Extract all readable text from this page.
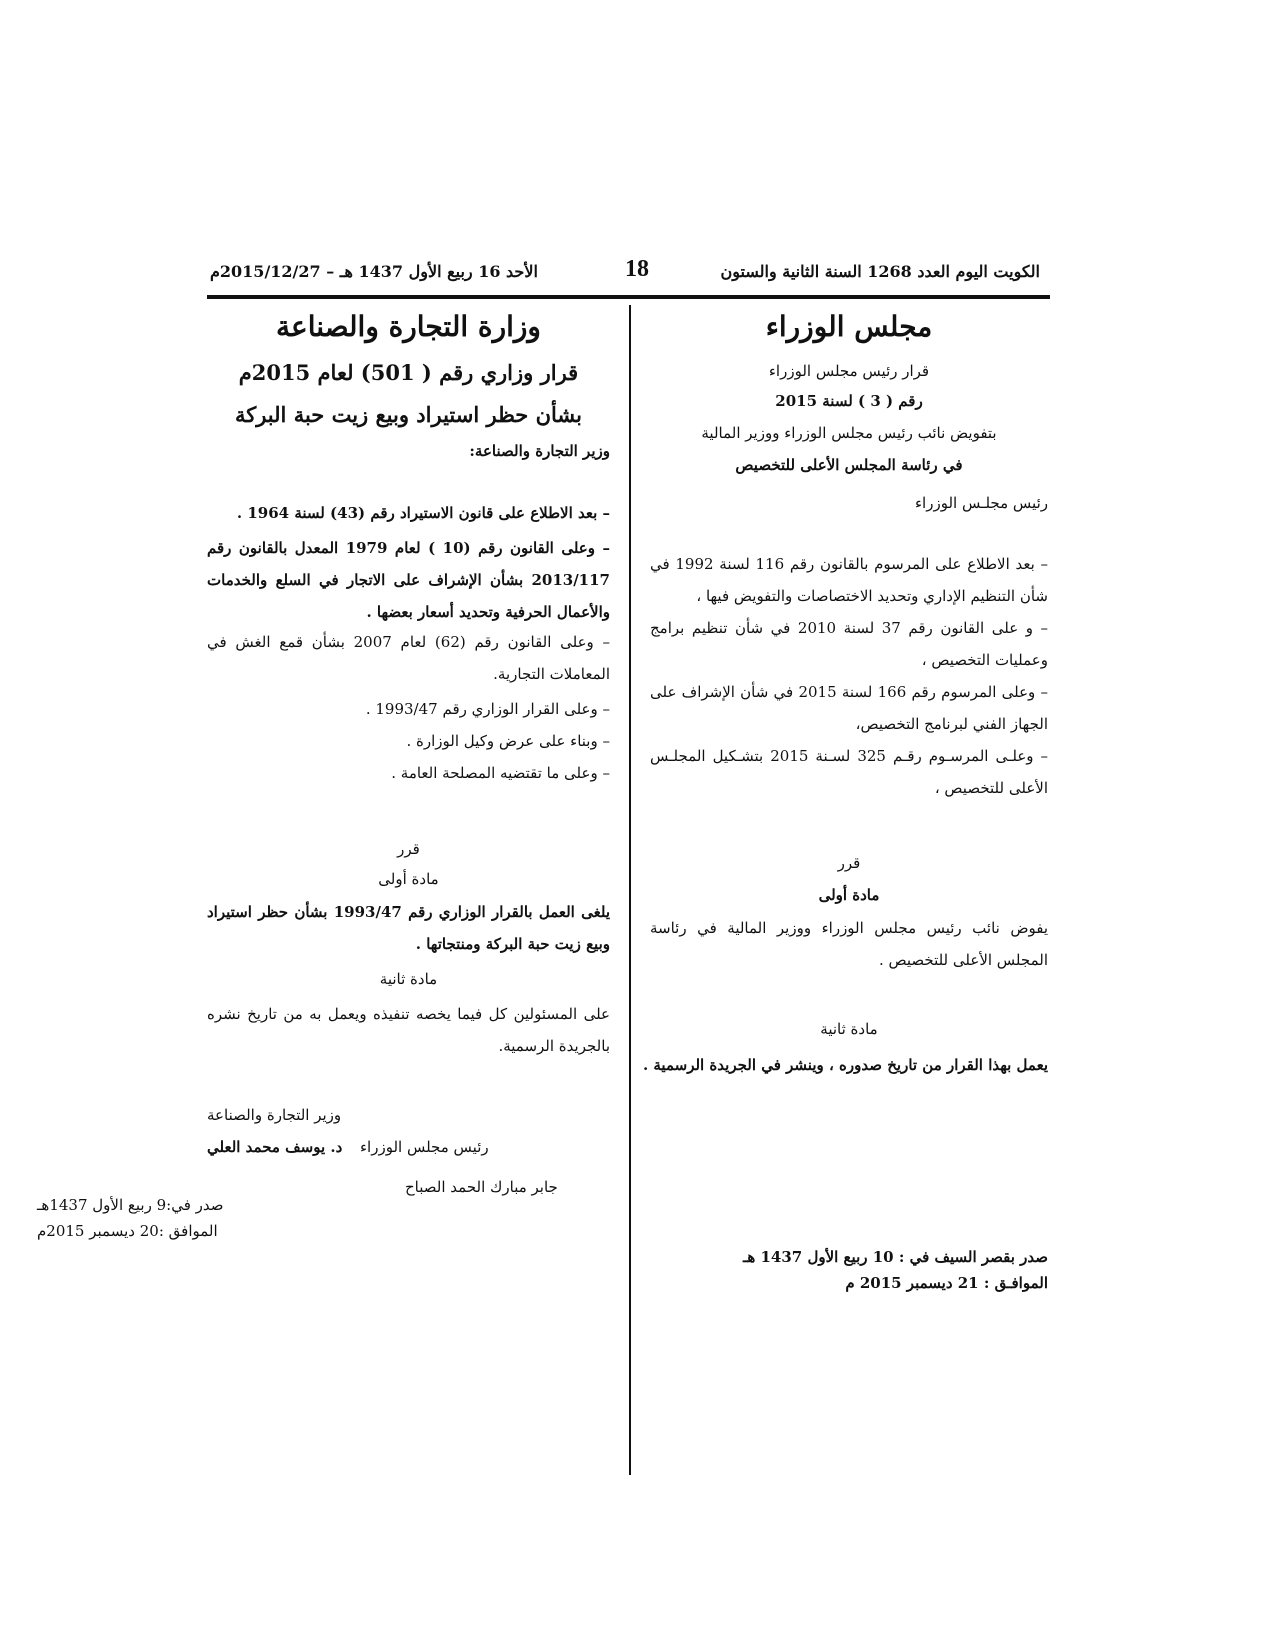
الكويت اليوم العدد 1268 السنة الثانية والستون
18
الأحد 16 ربيع الأول 1437 هـ – 2015/12/27م
مجلس الوزراء
قرار رئيس مجلس الوزراء
رقم ( 3 ) لسنة 2015
بتفويض نائب رئيس مجلس الوزراء ووزير المالية
في رئاسة المجلس الأعلى للتخصيص
رئيس مجلـس الوزراء
– بعد الاطلاع على المرسوم بالقانون رقم 116 لسنة 1992 في شأن التنظيم الإداري وتحديد الاختصاصات والتفويض فيها ،
– و على القانون رقم 37 لسنة 2010 في شأن تنظيم برامج وعمليات التخصيص ،
– وعلى المرسوم رقم 166 لسنة 2015 في شأن الإشراف على الجهاز الفني لبرنامج التخصيص،
– وعلـى المرسـوم رقـم 325 لسـنة 2015 بتشـكيل المجلـس الأعلى للتخصيص ،
قرر
مادة أولى
يفوض نائب رئيس مجلس الوزراء ووزير المالية في رئاسة المجلس الأعلى للتخصيص .
مادة ثانية
يعمل بهذا القرار من تاريخ صدوره ، وينشر في الجريدة الرسمية .
رئيس مجلس الوزراء
جابر مبارك الحمد الصباح
صدر بقصر السيف في : 10 ربيع الأول 1437 هـ
الموافـق : 21 ديسمبر 2015 م
وزارة التجارة والصناعة
قرار وزاري رقم ( 501) لعام 2015م
بشأن حظر استيراد وبيع زيت حبة البركة
وزير التجارة والصناعة:
– بعد الاطلاع على قانون الاستيراد رقم (43) لسنة 1964 .
– وعلى القانون رقم (10 ) لعام 1979 المعدل بالقانون رقم 2013/117 بشأن الإشراف على الاتجار في السلع والخدمات والأعمال الحرفية وتحديد أسعار بعضها .
– وعلى القانون رقم (62) لعام 2007 بشأن قمع الغش في المعاملات التجارية.
– وعلى القرار الوزاري رقم 1993/47 .
– وبناء على عرض وكيل الوزارة .
– وعلى ما تقتضيه المصلحة العامة .
قرر
مادة أولى
يلغى العمل بالقرار الوزاري رقم 1993/47 بشأن حظر استيراد وبيع زيت حبة البركة ومنتجاتها .
مادة ثانية
على المسئولين كل فيما يخصه تنفيذه ويعمل به من تاريخ نشره بالجريدة الرسمية.
وزير التجارة والصناعة
د. يوسف محمد العلي
صدر في:9 ربيع الأول 1437هـ
الموافق :20 ديسمبر 2015م
